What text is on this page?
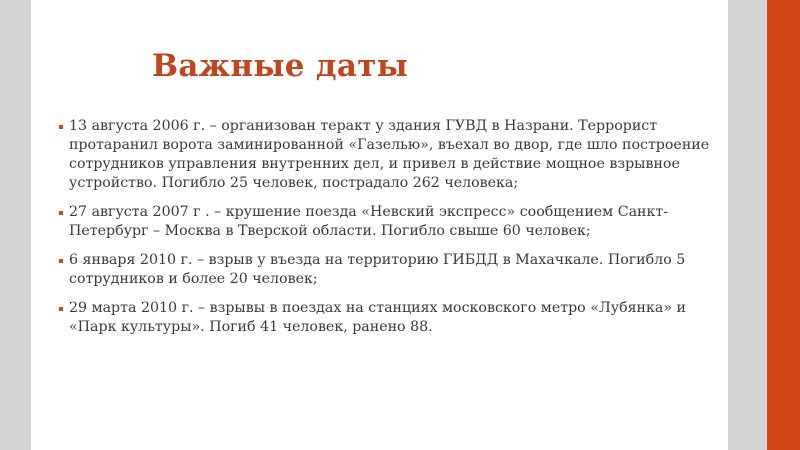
Важные даты
13 августа 2006 г. – организован теракт у здания ГУВД в Назрани. Террорист протаранил ворота заминированной «Газелью», въехал во двор, где шло построение сотрудников управления внутренних дел, и привел в действие мощное взрывное устройство. Погибло 25 человек, пострадало 262 человека;
27 августа 2007 г . – крушение поезда «Невский экспресс» сообщением Санкт-Петербург – Москва в Тверской области. Погибло свыше 60 человек;
6 января 2010 г. – взрыв у въезда на территорию ГИБДД в Махачкале. Погибло 5 сотрудников и более 20 человек;
29 марта 2010 г. – взрывы в поездах на станциях московского метро «Лубянка» и «Парк культуры». Погиб 41 человек, ранено 88.
